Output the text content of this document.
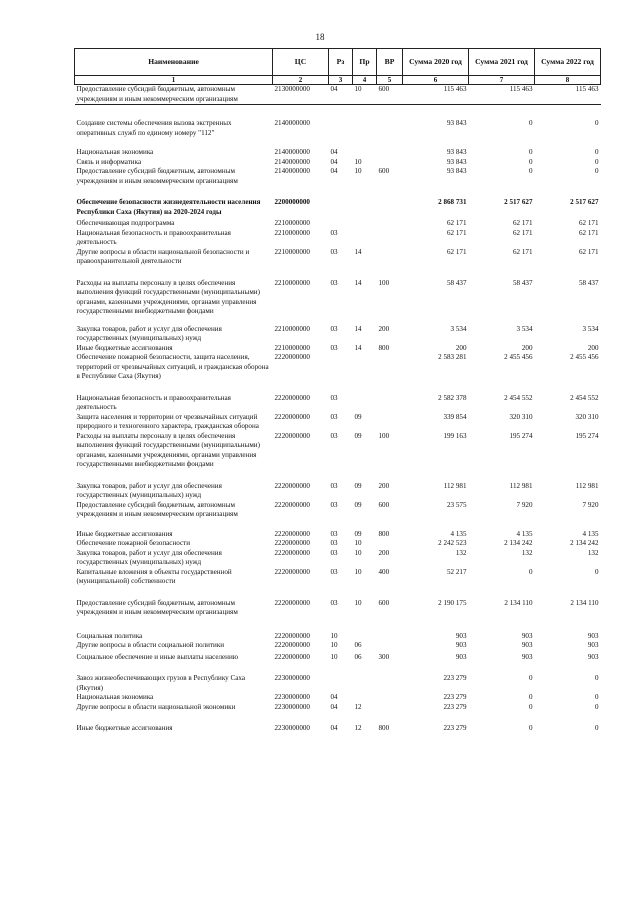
18
Наименование	ЦС	Рз	Пр	ВР	Сумма 2020 год	Сумма 2021 год	Сумма 2022 год
1	2	3	4	5	6	7	8
Предоставление субсидий бюджетным, автономным учреждениям и иным некоммерческим организациям	2130000000	04	10	600	115 463	115 463	115 463
Создание системы обеспечения вызова экстренных оперативных служб по единому номеру "112"	2140000000				93 843	0	0
Национальная экономика	2140000000	04			93 843	0	0
Связь и информатика	2140000000	04	10		93 843	0	0
Предоставление субсидий бюджетным, автономным учреждениям и иным некоммерческим организациям	2140000000	04	10	600	93 843	0	0
Обеспечение безопасности жизнедеятельности населения Республики Саха (Якутия) на 2020-2024 годы	2200000000				2 868 731	2 517 627	2 517 627
Обеспечивающая подпрограмма	2210000000				62 171	62 171	62 171
Национальная безопасность и правоохранительная деятельность	2210000000	03			62 171	62 171	62 171
Другие вопросы в области национальной безопасности и правоохранительной деятельности	2210000000	03	14		62 171	62 171	62 171
Расходы на выплаты персоналу в целях обеспечения выполнения функций государственными (муниципальными) органами, казенными учреждениями, органами управления государственными внебюджетными фондами	2210000000	03	14	100	58 437	58 437	58 437
Закупка товаров, работ и услуг для обеспечения государственных (муниципальных) нужд	2210000000	03	14	200	3 534	3 534	3 534
Иные бюджетные ассигнования	2210000000	03	14	800	200	200	200
Обеспечение пожарной безопасности, защита населения, территорий от чрезвычайных ситуаций, и гражданская оборона в Республике Саха (Якутия)	2220000000				2 583 281	2 455 456	2 455 456
Национальная безопасность и правоохранительная деятельность	2220000000	03			2 582 378	2 454 552	2 454 552
Защита населения и территории от чрезвычайных ситуаций природного и техногенного характера, гражданская оборона	2220000000	03	09		339 854	320 310	320 310
Расходы на выплаты персоналу в целях обеспечения выполнения функций государственными (муниципальными) органами, казенными учреждениями, органами управления государственными внебюджетными фондами	2220000000	03	09	100	199 163	195 274	195 274
Закупка товаров, работ и услуг для обеспечения государственных (муниципальных) нужд	2220000000	03	09	200	112 981	112 981	112 981
Предоставление субсидий бюджетным, автономным учреждениям и иным некоммерческим организациям	2220000000	03	09	600	23 575	7 920	7 920
Иные бюджетные ассигнования	2220000000	03	09	800	4 135	4 135	4 135
Обеспечение пожарной безопасности	2220000000	03	10		2 242 523	2 134 242	2 134 242
Закупка товаров, работ и услуг для обеспечения государственных (муниципальных) нужд	2220000000	03	10	200	132	132	132
Капитальные вложения в объекты государственной (муниципальной) собственности	2220000000	03	10	400	52 217	0	0
Предоставление субсидий бюджетным, автономным учреждениям и иным некоммерческим организациям	2220000000	03	10	600	2 190 175	2 134 110	2 134 110
Социальная политика	2220000000	10			903	903	903
Другие вопросы в области социальной политики	2220000000	10	06		903	903	903
Социальное обеспечение и иные выплаты населению	2220000000	10	06	300	903	903	903
Завоз жизнеобеспечивающих грузов в Республику Саха (Якутия)	2230000000				223 279	0	0
Национальная экономика	2230000000	04			223 279	0	0
Другие вопросы в области национальной экономики	2230000000	04	12		223 279	0	0
Иные бюджетные ассигнования	2230000000	04	12	800	223 279	0	0
